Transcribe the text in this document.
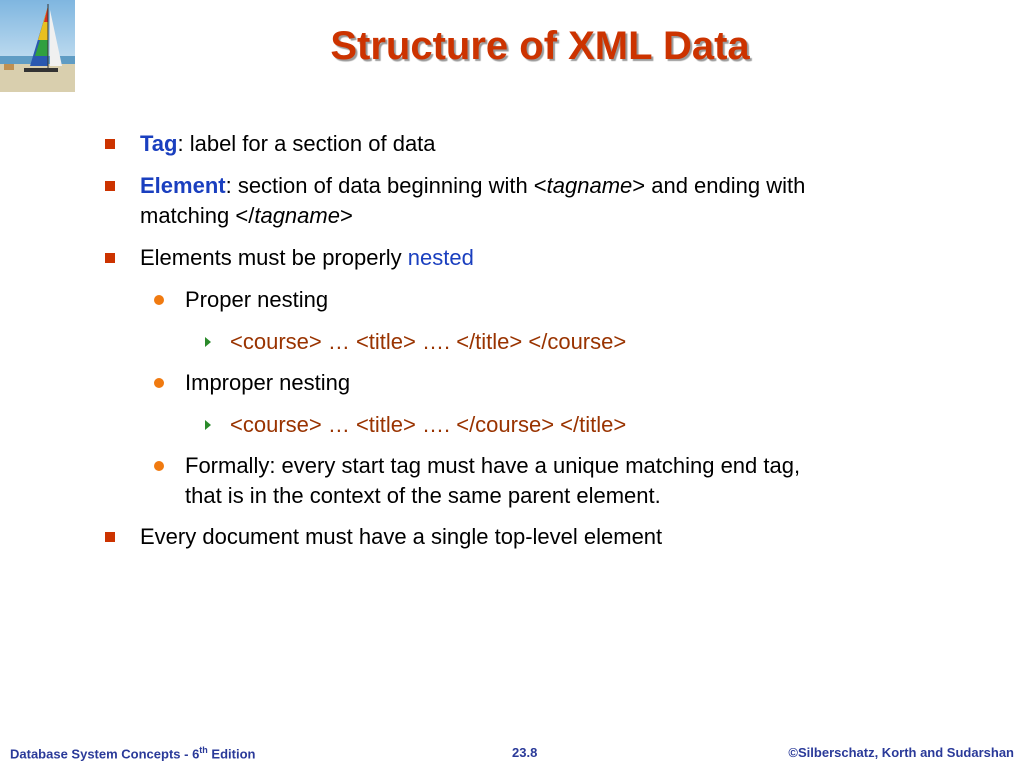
Structure of XML Data
Tag: label for a section of data
Element: section of data beginning with <tagname> and ending with
matching </tagname>
Elements must be properly nested
Proper nesting
<course> … <title> …. </title> </course>
Improper nesting
<course> … <title> …. </course> </title>
Formally: every start tag must have a unique matching end tag,
that is in the context of the same parent element.
Every document must have a single top-level element
Database System Concepts - 6th Edition	23.8	©Silberschatz, Korth and Sudarshan
